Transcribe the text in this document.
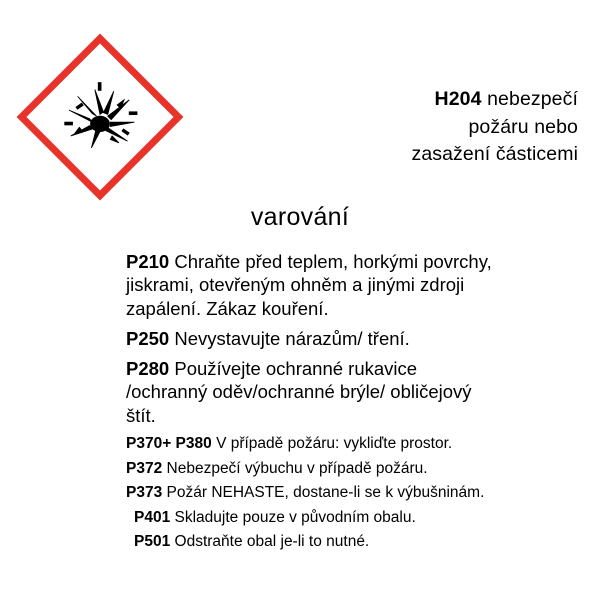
H204 nebezpečí
požáru nebo
zasažení částicemi
varování
P210 Chraňte před teplem, horkými povrchy, jiskrami, otevřeným ohněm a jinými zdroji zapálení. Zákaz kouření.
P250 Nevystavujte nárazům/ tření.
P280 Používejte ochranné rukavice /ochranný oděv/ochranné brýle/ obličejový štít.
P370+ P380 V případě požáru: vykliďte prostor.
P372 Nebezpečí výbuchu v případě požáru.
P373 Požár NEHASTE, dostane-li se k výbušninám.
P401 Skladujte pouze v původním obalu.
P501 Odstraňte obal je-li to nutné.
